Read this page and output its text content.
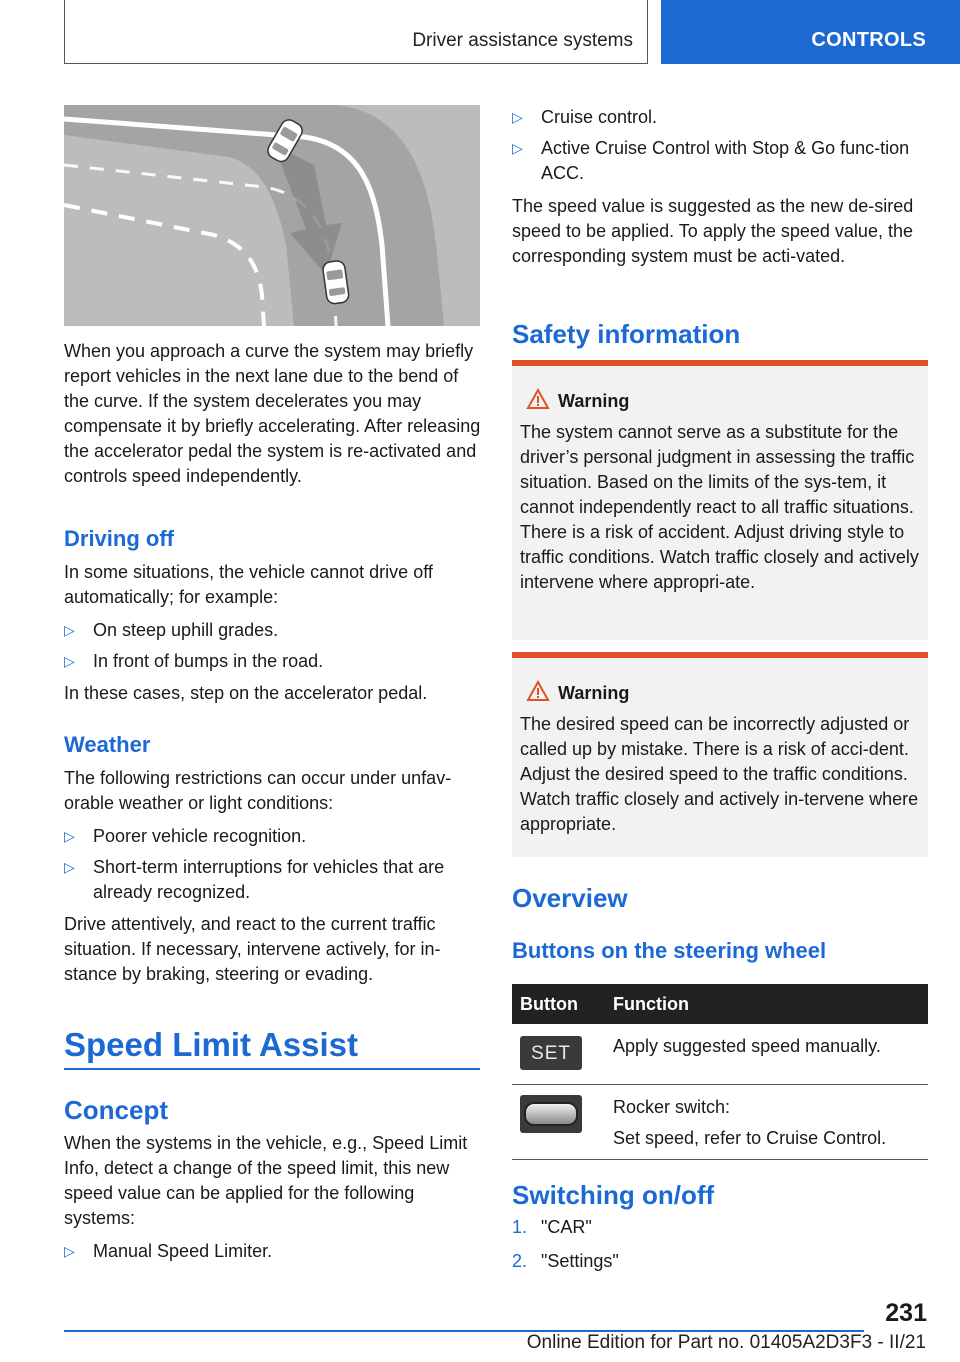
Driver assistance systems	CONTROLS

When you approach a curve the system may briefly report vehicles in the next lane due to the bend of the curve. If the system decelerates you may compensate it by briefly accelerating. After releasing the accelerator pedal the system is re-activated and controls speed independently.

Driving off

In some situations, the vehicle cannot drive off automatically; for example:

▷ On steep uphill grades.
▷ In front of bumps in the road.

In these cases, step on the accelerator pedal.

Weather

The following restrictions can occur under unfav-orable weather or light conditions:

▷ Poorer vehicle recognition.
▷ Short-term interruptions for vehicles that are already recognized.

Drive attentively, and react to the current traffic situation. If necessary, intervene actively, for in-stance by braking, steering or evading.

Speed Limit Assist
Concept

When the systems in the vehicle, e.g., Speed Limit Info, detect a change of the speed limit, this new speed value can be applied for the following systems:

▷ Manual Speed Limiter.
▷ Cruise control.
▷ Active Cruise Control with Stop & Go func-tion ACC.

The speed value is suggested as the new de-sired speed to be applied. To apply the speed value, the corresponding system must be acti-vated.

Safety information
Warning

The system cannot serve as a substitute for the driver’s personal judgment in assessing the traffic situation. Based on the limits of the sys-tem, it cannot independently react to all traffic situations. There is a risk of accident. Adjust driving style to traffic conditions. Watch traffic closely and actively intervene where appropri-ate.

Warning

The desired speed can be incorrectly adjusted or called up by mistake. There is a risk of acci-dent. Adjust the desired speed to the traffic conditions. Watch traffic closely and actively in-tervene where appropriate.

Overview
Buttons on the steering wheel
Button	Function

SET	Apply suggested speed manually.

	Rocker switch:
Set speed, refer to Cruise Control.
Switching on/off
1. "CAR"
2. "Settings"
231
Online Edition for Part no. 01405A2D3F3 - II/21
